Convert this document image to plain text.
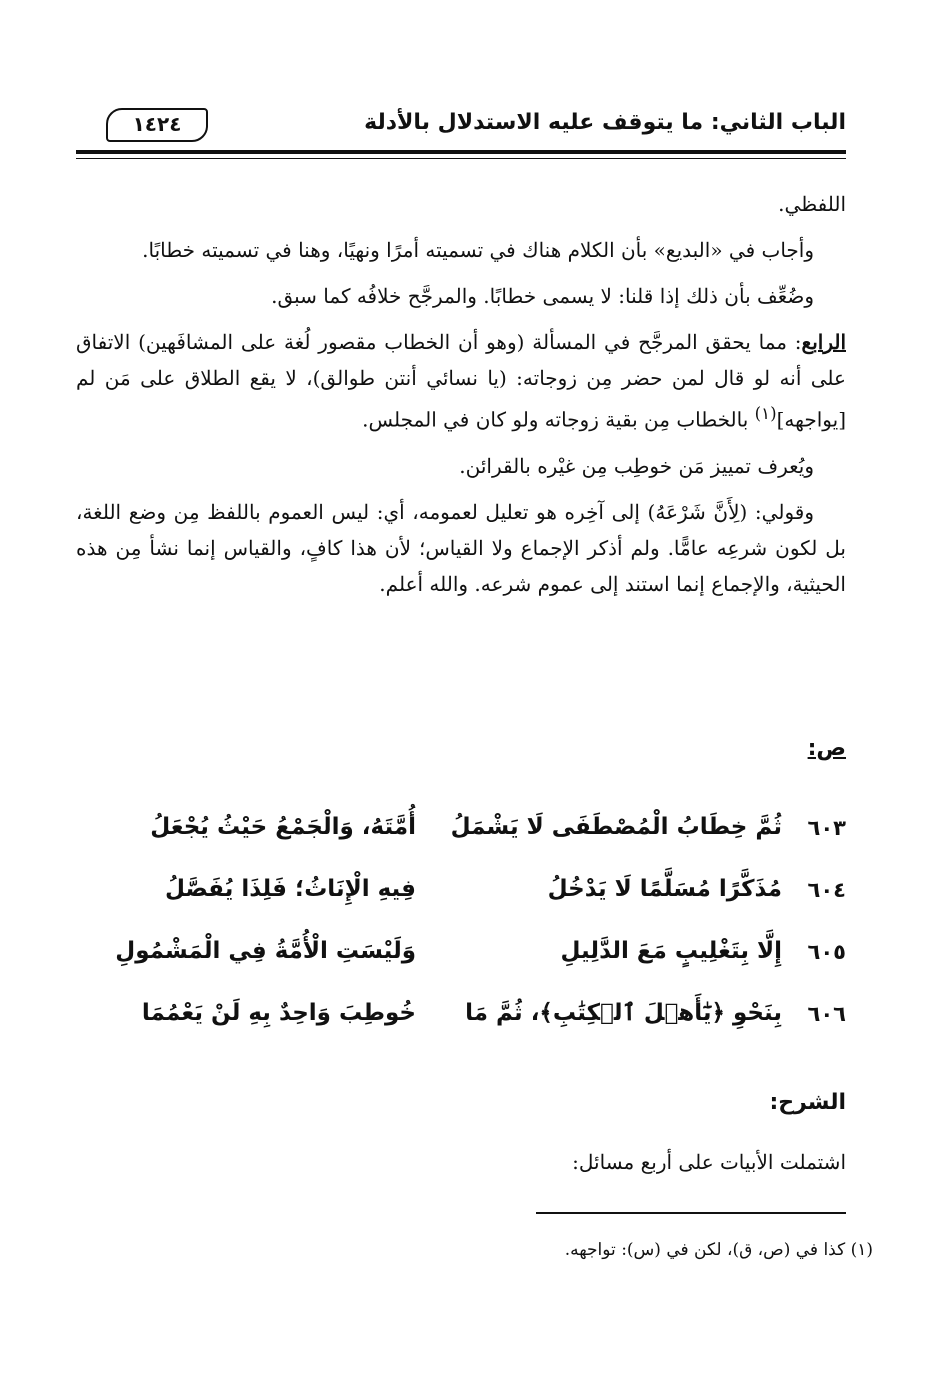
الباب الثاني: ما يتوقف عليه الاستدلال بالأدلة
١٤٢٤

اللفظي.

وأجاب في «البديع» بأن الكلام هناك في تسميته أمرًا ونهيًا، وهنا في تسميته خطابًا.

وضُعِّف بأن ذلك إذا قلنا: لا يسمى خطابًا. والمرجَّح خلافُه كما سبق.

الرابع: مما يحقق المرجَّح في المسألة (وهو أن الخطاب مقصور لُغة على المشافَهين) الاتفاق على أنه لو قال لمن حضر مِن زوجاته: (يا نسائي أنتن طوالق)، لا يقع الطلاق على مَن لم [يواجهه]$^{(١)}$ بالخطاب مِن بقية زوجاته ولو كان في المجلس.

ويُعرف تمييز مَن خوطِب مِن غيْره بالقرائن.

وقولي: (لِأَنَّ شَرْعَهُ) إلى آخِره هو تعليل لعمومه، أي: ليس العموم باللفظ مِن وضع اللغة، بل لكون شرعِه عامًّا. ولم أذكر الإجماع ولا القياس؛ لأن هذا كافٍ، والقياس إنما نشأ مِن هذه الحيثية، والإجماع إنما استند إلى عموم شرعه. والله أعلم.

ص:
٦٠٣
ثُمَّ خِطَابُ الْمُصْطَفَى لَا يَشْمَلُ
أُمَّتَهُ، وَالْجَمْعُ حَيْثُ يُجْعَلُ
٦٠٤
مُذَكَّرًا مُسَلَّمًا لَا يَدْخُلُ
فِيهِ الْإِنَاثُ؛ فَلِذَا يُفَصَّلُ
٦٠٥
إِلَّا بِتَغْلِيبٍ مَعَ الدَّلِيلِ
وَلَيْسَتِ الْأُمَّةُ فِي الْمَشْمُولِ
٦٠٦
بِنَحْوِ ﴿يَٰٓأَهۡلَ ٱلۡكِتَٰبِ﴾، ثُمَّ مَا
خُوطِبَ وَاحِدٌ بِهِ لَنْ يَعْمُمَا
الشرح:
اشتملت الأبيات على أربع مسائل:
(١) كذا في (ص، ق)، لكن في (س): تواجهه.
